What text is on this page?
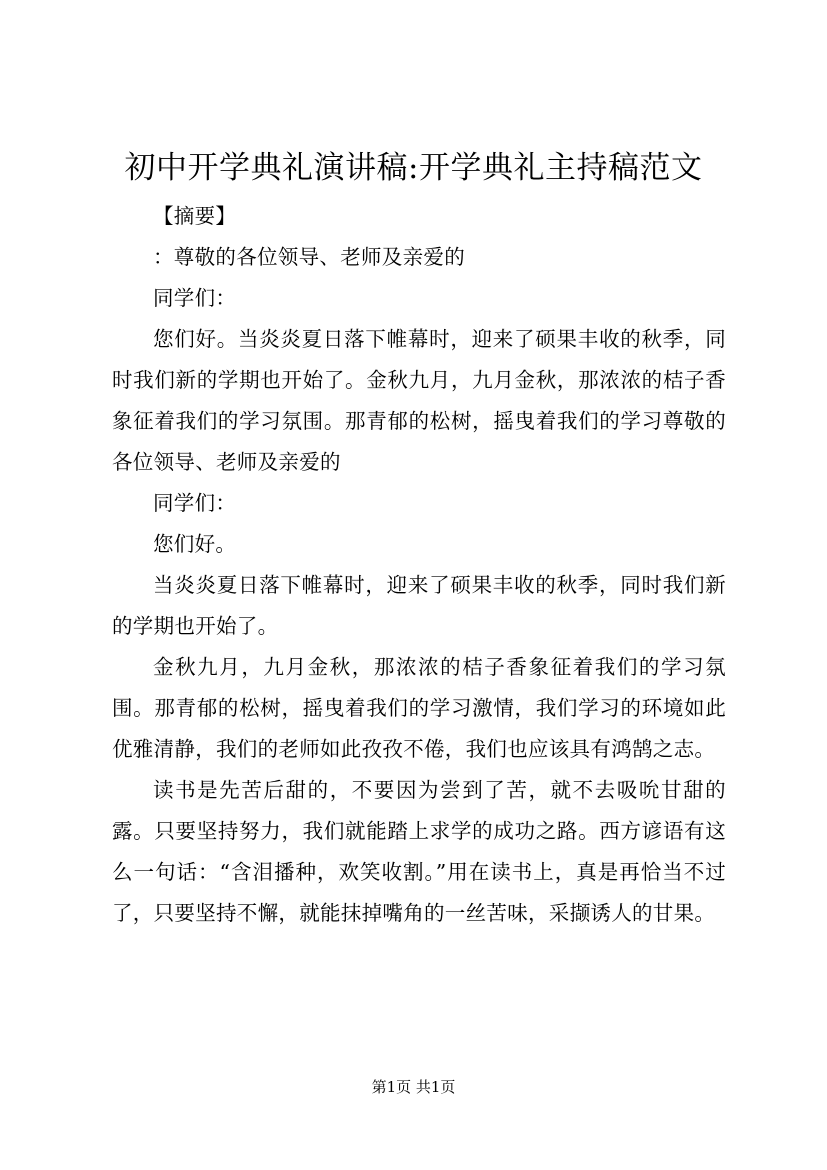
初中开学典礼演讲稿:开学典礼主持稿范文

【摘要】

：尊敬的各位领导、老师及亲爱的

同学们：

您们好。当炎炎夏日落下帷幕时，迎来了硕果丰收的秋季，同时我们新的学期也开始了。金秋九月，九月金秋，那浓浓的桔子香象征着我们的学习氛围。那青郁的松树，摇曳着我们的学习尊敬的各位领导、老师及亲爱的

同学们：

您们好。

当炎炎夏日落下帷幕时，迎来了硕果丰收的秋季，同时我们新的学期也开始了。

金秋九月，九月金秋，那浓浓的桔子香象征着我们的学习氛围。那青郁的松树，摇曳着我们的学习激情，我们学习的环境如此优雅清静，我们的老师如此孜孜不倦，我们也应该具有鸿鹄之志。

读书是先苦后甜的，不要因为尝到了苦，就不去吸吮甘甜的露。只要坚持努力，我们就能踏上求学的成功之路。西方谚语有这么一句话：“含泪播种，欢笑收割。”用在读书上，真是再恰当不过了，只要坚持不懈，就能抹掉嘴角的一丝苦味，采撷诱人的甘果。

第1页 共1页
